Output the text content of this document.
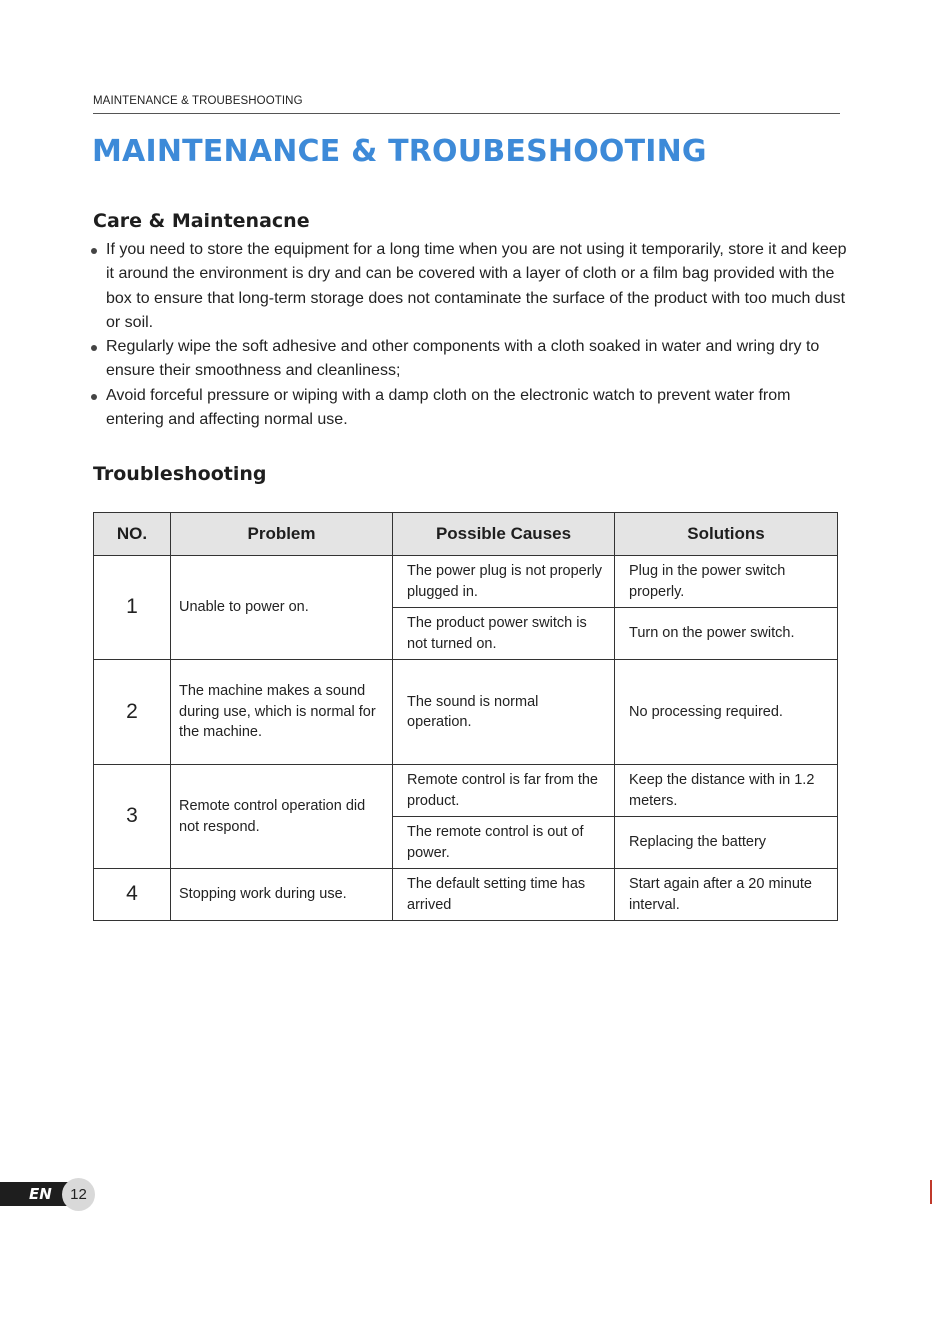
MAINTENANCE & TROUBESHOOTING
MAINTENANCE & TROUBESHOOTING
Care & Maintenacne
If you need to store the equipment for a long time when you are not using it temporarily, store it and keep it around the environment is dry and can be covered with a layer of cloth or a film bag provided with the box to ensure that long-term storage does not contaminate the surface of the product with too much dust or soil.
Regularly wipe the soft adhesive and other components with a cloth soaked in water and wring dry to ensure their smoothness and cleanliness;
Avoid forceful pressure or wiping with a damp cloth on the electronic watch to prevent water from entering and affecting normal use.
Troubleshooting
NO.	Problem	Possible Causes	Solutions
1	Unable to power on.	The power plug is not properly plugged in.	Plug in the power switch properly.
		The product power switch is not turned on.	Turn on the power switch.
2	The machine makes a sound during use, which is normal for the machine.	The sound is normal operation.	No processing required.
3	Remote control operation did not respond.	Remote control is far from the product.	Keep the distance with in 1.2 meters.
		The remote control is out of power.	Replacing the battery
4	Stopping work during use.	The default setting time has arrived	Start again after a 20 minute interval.
EN	12
